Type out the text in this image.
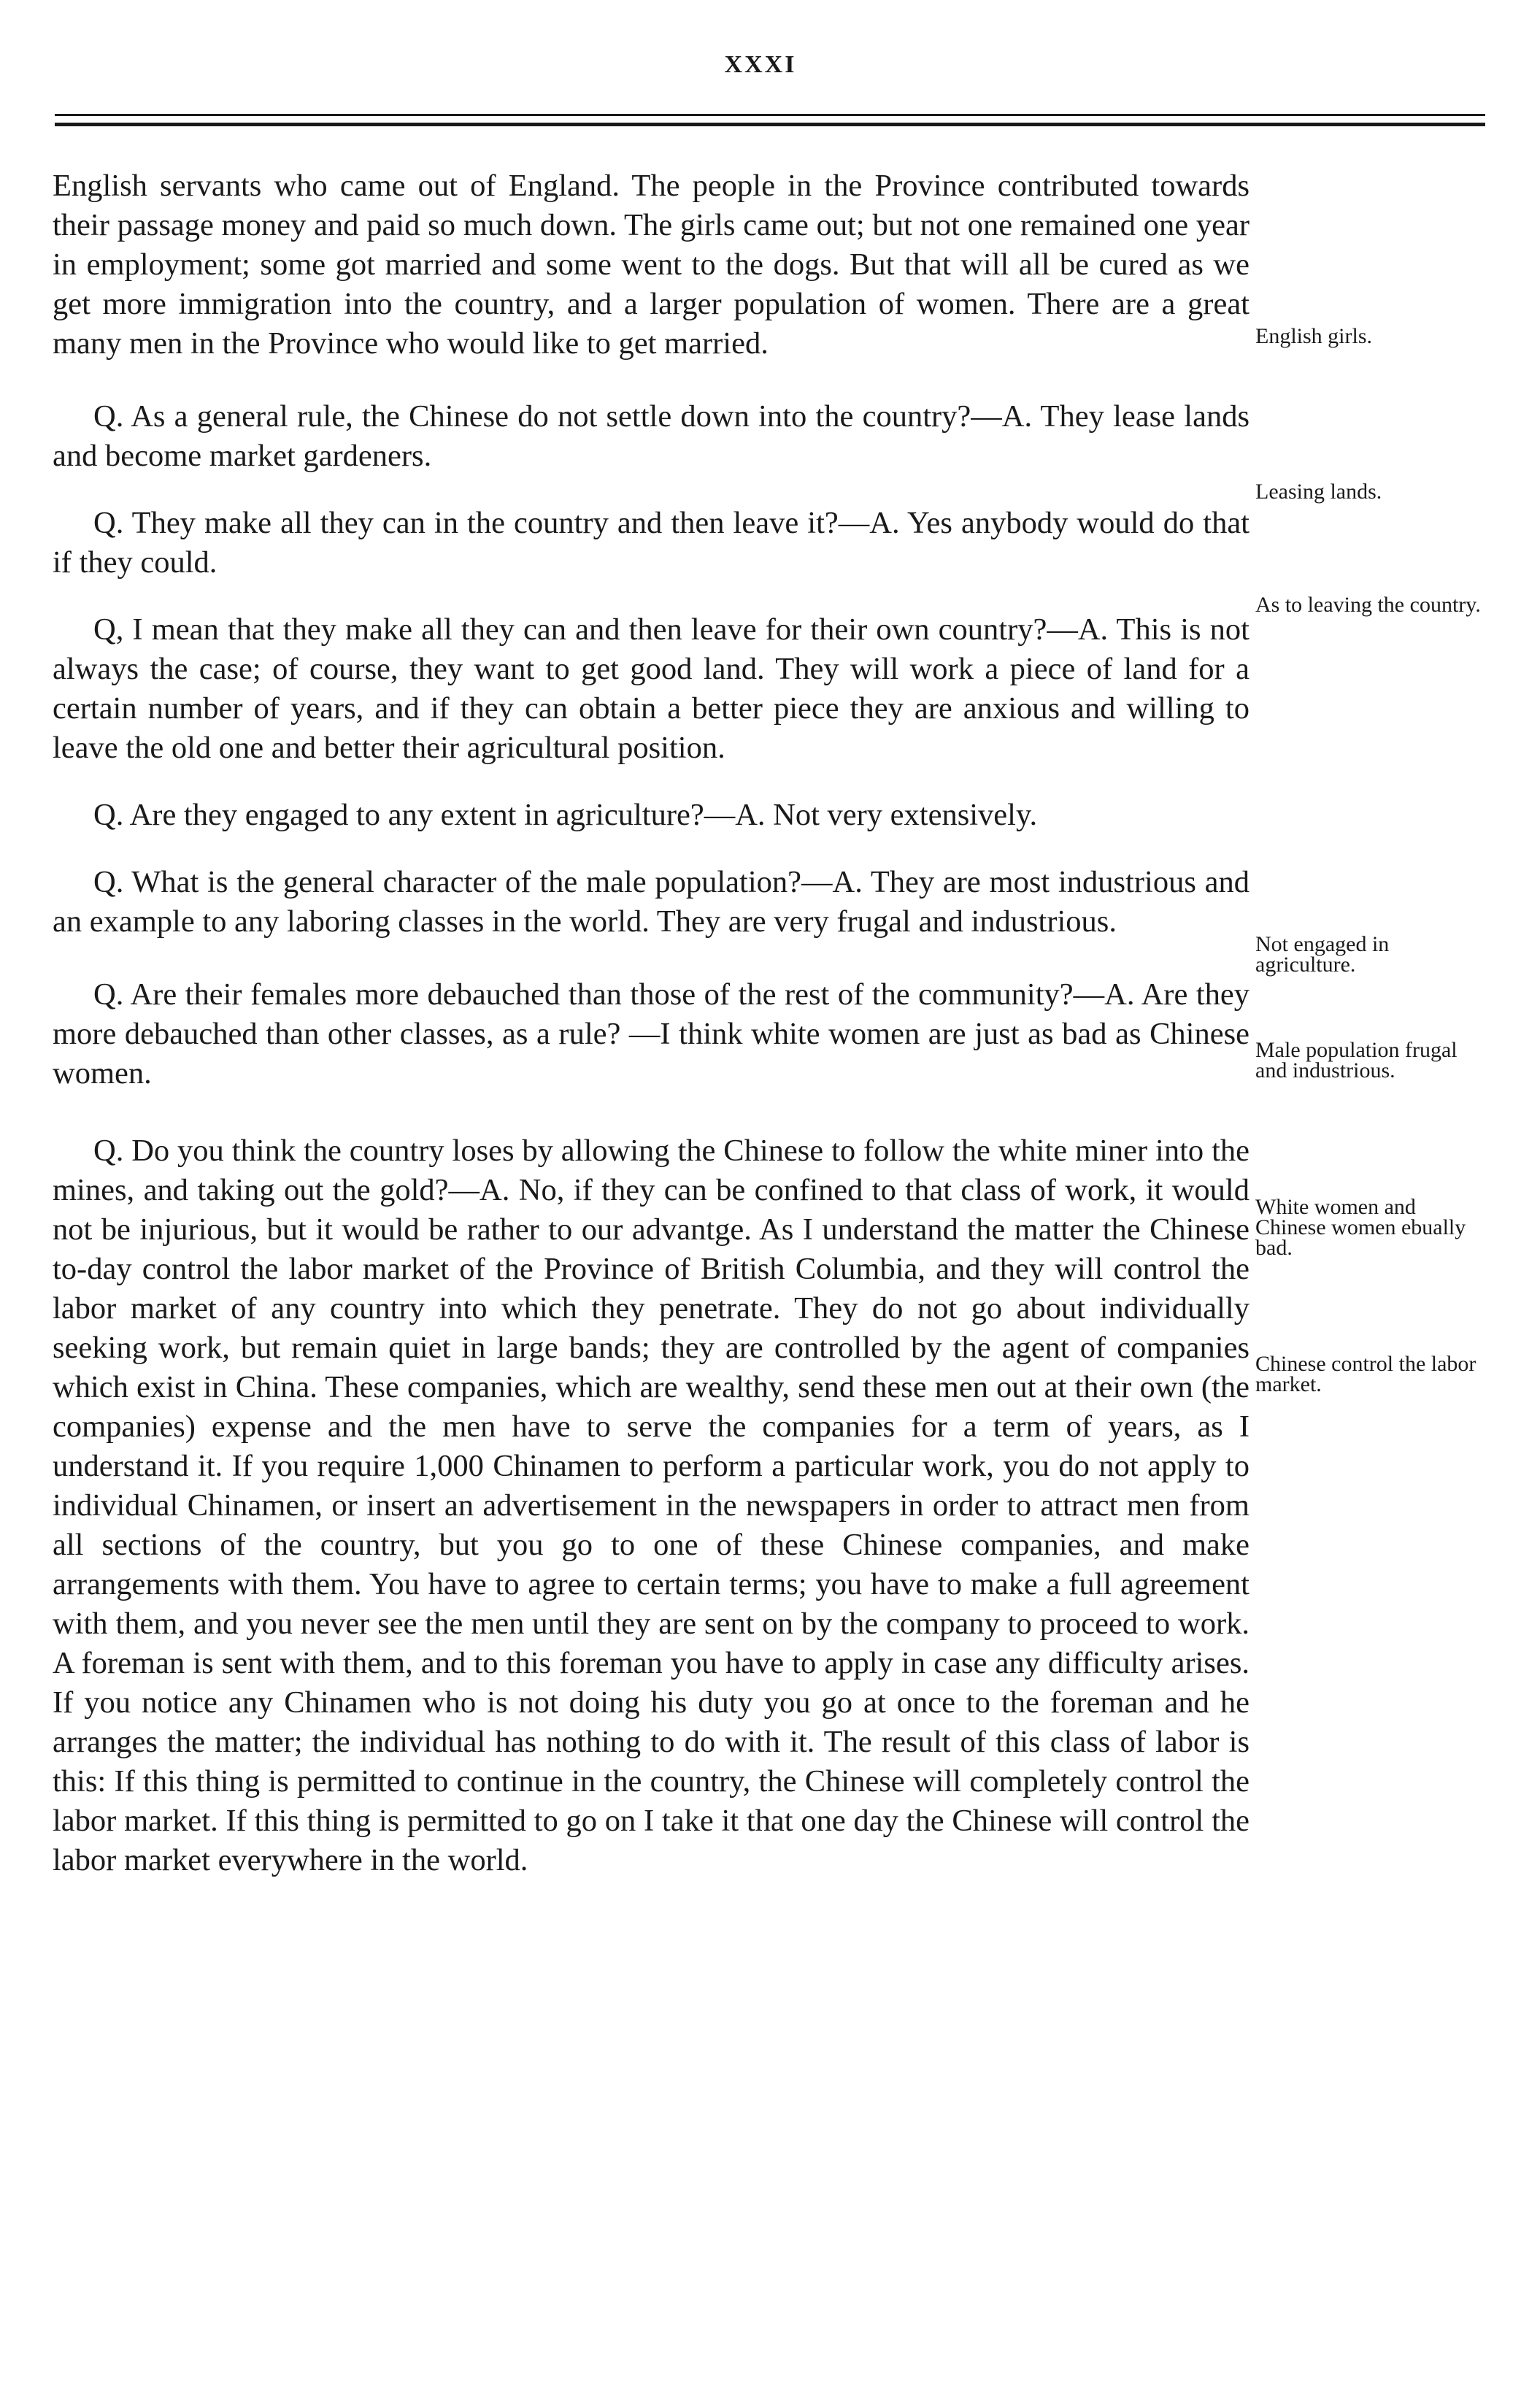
XXXI

English servants who came out of England. The people in the Province contributed towards their passage money and paid so much down. The girls came out; but not one remained one year in employment; some got married and some went to the dogs. But that will all be cured as we get more immigration into the country, and a larger population of women. There are a great many men in the Province who would like to get married.

Q. As a general rule, the Chinese do not settle down into the country?—A. They lease lands and become market gardeners.

Q. They make all they can in the country and then leave it?—A. Yes anybody would do that if they could.

Q, I mean that they make all they can and then leave for their own country?—A. This is not always the case; of course, they want to get good land. They will work a piece of land for a certain number of years, and if they can obtain a better piece they are anxious and willing to leave the old one and better their agricultural position.

Q. Are they engaged to any extent in agriculture?—A. Not very extensively.

Q. What is the general character of the male population?—A. They are most industrious and an example to any laboring classes in the world. They are very frugal and industrious.

Q. Are their females more debauched than those of the rest of the community?—A. Are they more debauched than other classes, as a rule? —I think white women are just as bad as Chinese women.

Q. Do you think the country loses by allowing the Chinese to follow the white miner into the mines, and taking out the gold?—A. No, if they can be confined to that class of work, it would not be injurious, but it would be rather to our advantge. As I understand the matter the Chinese to-day control the labor market of the Province of British Columbia, and they will control the labor market of any country into which they penetrate. They do not go about individually seeking work, but remain quiet in large bands; they are controlled by the agent of companies which exist in China. These companies, which are wealthy, send these men out at their own (the companies) expense and the men have to serve the companies for a term of years, as I understand it. If you require 1,000 Chinamen to perform a particular work, you do not apply to individual Chinamen, or insert an advertisement in the newspapers in order to attract men from all sections of the country, but you go to one of these Chinese companies, and make arrangements with them. You have to agree to certain terms; you have to make a full agreement with them, and you never see the men until they are sent on by the company to proceed to work. A foreman is sent with them, and to this foreman you have to apply in case any difficulty arises. If you notice any Chinamen who is not doing his duty you go at once to the foreman and he arranges the matter; the individual has nothing to do with it. The result of this class of labor is this: If this thing is permitted to continue in the country, the Chinese will completely control the labor market. If this thing is permitted to go on I take it that one day the Chinese will control the labor market everywhere in the world.

English girls.
Leasing lands.
As to leaving the country.
Not engaged in agriculture.
Male population frugal and industrious.
White women and Chinese women ebually bad.
Chinese control the labor market.
